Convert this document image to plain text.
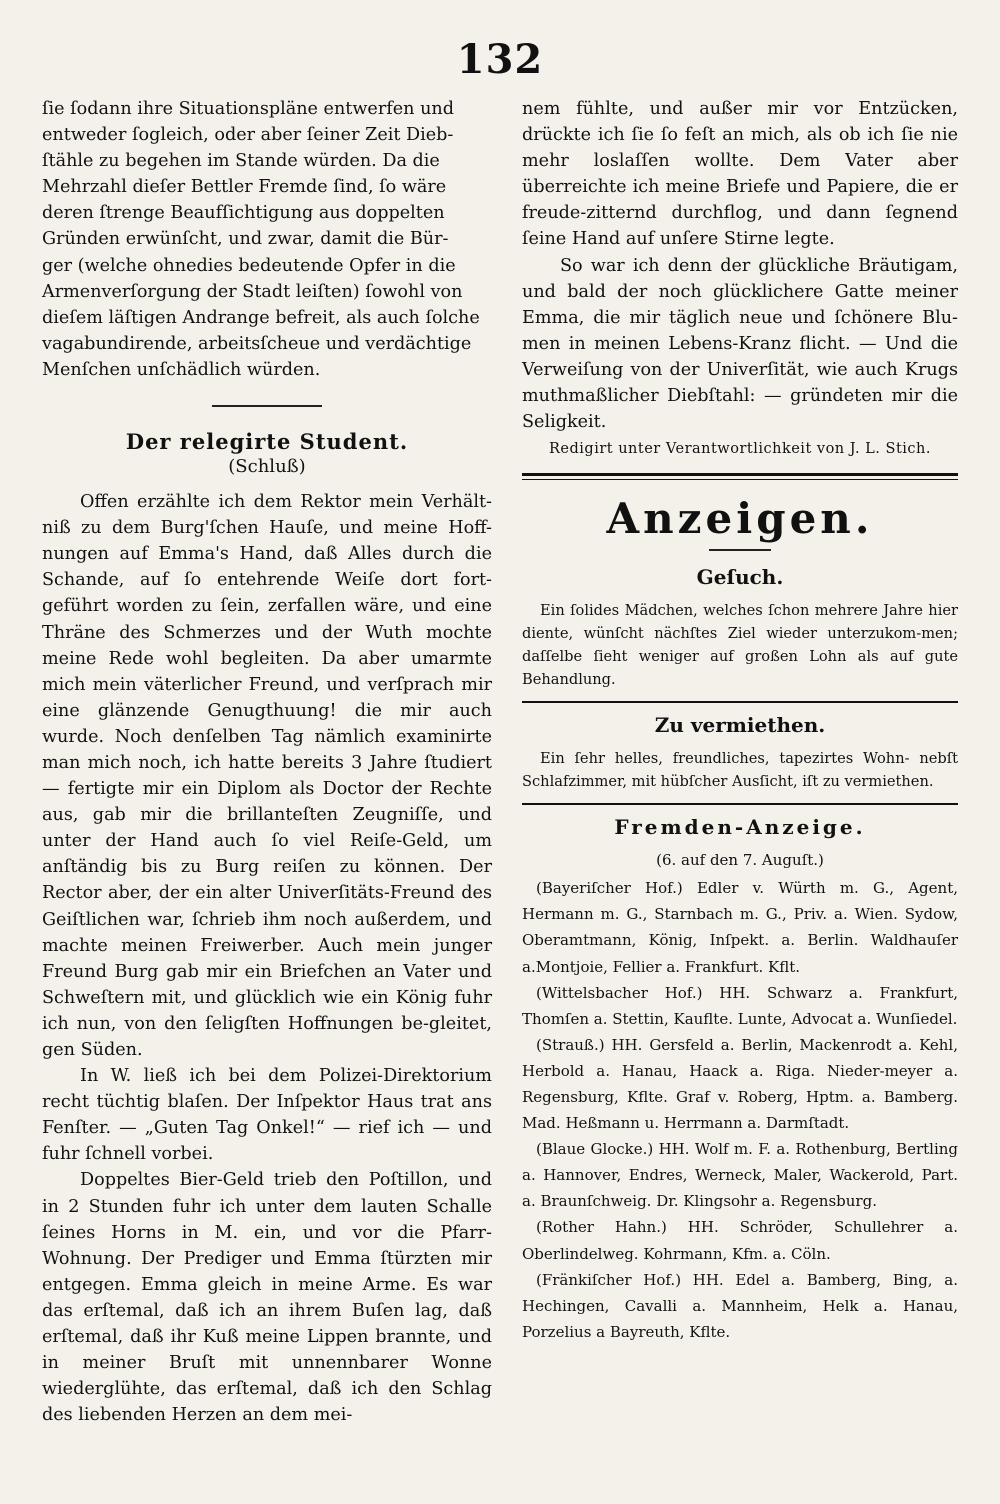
132

ſie ſodann ihre Situationspläne entwerfen und

entweder ſogleich, oder aber ſeiner Zeit Dieb-

ſtähle zu begehen im Stande würden. Da die

Mehrzahl dieſer Bettler Fremde ſind, ſo wäre

deren ſtrenge Beaufſichtigung aus doppelten

Gründen erwünſcht, und zwar, damit die Bür-

ger (welche ohnedies bedeutende Opfer in die

Armenverſorgung der Stadt leiſten) ſowohl von

dieſem läſtigen Andrange befreit, als auch ſolche

vagabundirende, arbeitsſcheue und verdächtige

Menſchen unſchädlich würden.

Der relegirte Student.
(Schluß)

Offen erzählte ich dem Rektor mein Verhält-niß zu dem Burg'ſchen Hauſe, und meine Hoff-nungen auf Emma's Hand, daß Alles durch die Schande, auf ſo entehrende Weiſe dort fort-geführt worden zu ſein, zerfallen wäre, und eine Thräne des Schmerzes und der Wuth mochte meine Rede wohl begleiten. Da aber umarmte mich mein väterlicher Freund, und verſprach mir eine glänzende Genugthuung! die mir auch wurde. Noch denſelben Tag nämlich examinirte man mich noch, ich hatte bereits 3 Jahre ſtudiert — fertigte mir ein Diplom als Doctor der Rechte aus, gab mir die brillanteſten Zeugniſſe, und unter der Hand auch ſo viel Reiſe-Geld, um anſtändig bis zu Burg reiſen zu können. Der Rector aber, der ein alter Univerſitäts-Freund des Geiſtlichen war, ſchrieb ihm noch außerdem, und machte meinen Freiwerber. Auch mein junger Freund Burg gab mir ein Briefchen an Vater und Schweſtern mit, und glücklich wie ein König fuhr ich nun, von den ſeligſten Hoffnungen be-gleitet, gen Süden.

In W. ließ ich bei dem Polizei-Direktorium recht tüchtig blaſen. Der Inſpektor Haus trat ans Fenſter. — „Guten Tag Onkel!“ — rief ich — und fuhr ſchnell vorbei.

Doppeltes Bier-Geld trieb den Poſtillon, und in 2 Stunden fuhr ich unter dem lauten Schalle ſeines Horns in M. ein, und vor die Pfarr-Wohnung. Der Prediger und Emma ſtürzten mir entgegen. Emma gleich in meine Arme. Es war das erſtemal, daß ich an ihrem Buſen lag, daß erſtemal, daß ihr Kuß meine Lippen brannte, und in meiner Bruſt mit unnennbarer Wonne wiederglühte, das erſtemal, daß ich den Schlag des liebenden Herzen an dem mei-

nem fühlte, und außer mir vor Entzücken, drückte ich ſie ſo feſt an mich, als ob ich ſie nie mehr loslaſſen wollte. Dem Vater aber überreichte ich meine Briefe und Papiere, die er freude-zitternd durchflog, und dann ſegnend ſeine Hand auf unſere Stirne legte.

So war ich denn der glückliche Bräutigam, und bald der noch glücklichere Gatte meiner Emma, die mir täglich neue und ſchönere Blu-men in meinen Lebens-Kranz flicht. — Und die Verweiſung von der Univerſität, wie auch Krugs muthmaßlicher Diebſtahl: — gründeten mir die Seligkeit.

Redigirt unter Verantwortlichkeit von J. L. Stich.
Anzeigen.
Geſuch.

Ein ſolides Mädchen, welches ſchon mehrere Jahre hier diente, wünſcht nächſtes Ziel wieder unterzukom-men; daſſelbe ſieht weniger auf großen Lohn als auf gute Behandlung.

Zu vermiethen.

Ein ſehr helles, freundliches, tapezirtes Wohn- nebſt Schlafzimmer, mit hübſcher Ausſicht, iſt zu vermiethen.

Fremden-Anzeige.
(6. auf den 7. Auguſt.)

(Bayeriſcher Hof.) Edler v. Würth m. G., Agent, Hermann m. G., Starnbach m. G., Priv. a. Wien. Sydow, Oberamtmann, König, Inſpekt. a. Berlin. Waldhauſer a.Montjoie, Fellier a. Frankfurt. Kflt.

(Wittelsbacher Hof.) HH. Schwarz a. Frankfurt, Thomſen a. Stettin, Kaufltе. Lunte, Advocat a. Wunſiedel.

(Strauß.) HH. Gersfeld a. Berlin, Mackenrodt a. Kehl, Herbold a. Hanau, Haack a. Riga. Nieder-meyer a. Regensburg, Kflte. Graf v. Roberg, Hptm. a. Bamberg. Mad. Heßmann u. Herrmann a. Darmſtadt.

(Blaue Glocke.) HH. Wolf m. F. a. Rothenburg, Bertling a. Hannover, Endres, Werneck, Maler, Wackerold, Part. a. Braunſchweig. Dr. Klingsohr a. Regensburg.

(Rother Hahn.) HH. Schröder, Schullehrer a. Oberlindelweg. Kohrmann, Kfm. a. Cöln.

(Fränkiſcher Hof.) HH. Edel a. Bamberg, Bing, a. Hechingen, Cavalli a. Mannheim, Helk a. Hanau, Porzelius a Bayreuth, Kflte.
